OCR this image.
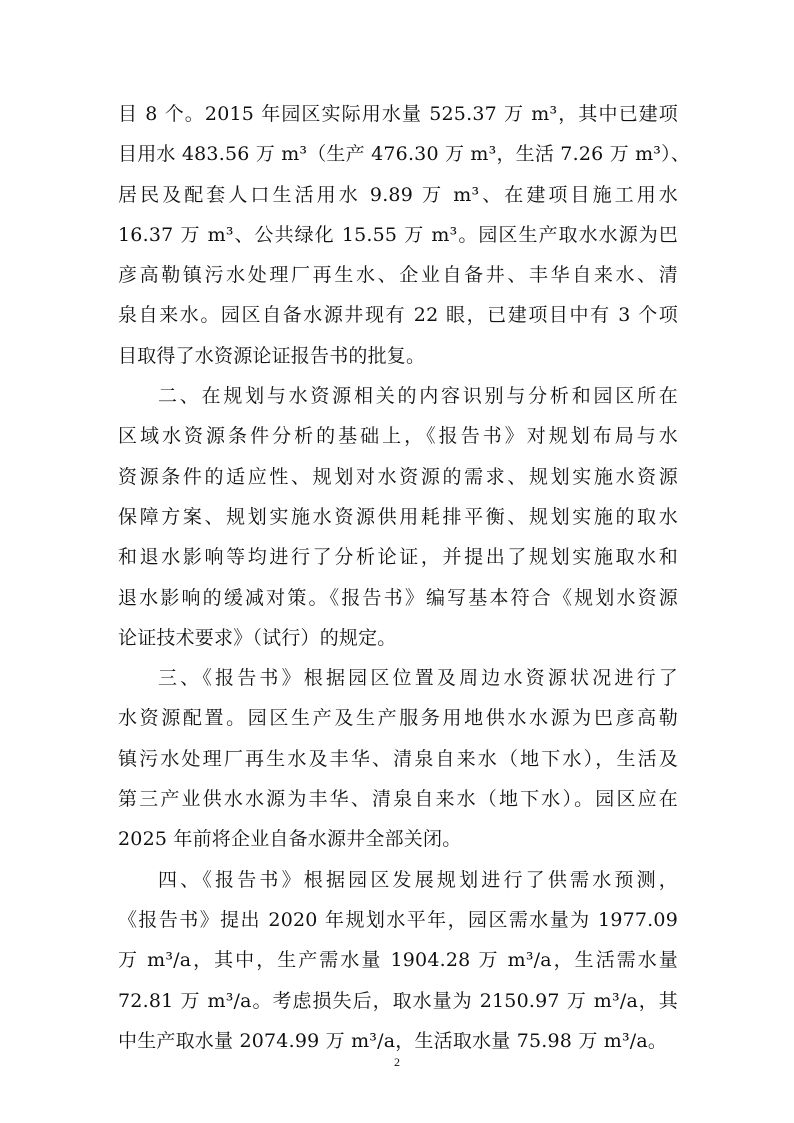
目 8 个。2015 年园区实际用水量 525.37 万 m³，其中已建项
目用水 483.56 万 m³（生产 476.30 万 m³，生活 7.26 万 m³）、
居民及配套人口生活用水 9.89 万 m³、在建项目施工用水
16.37 万 m³、公共绿化 15.55 万 m³。园区生产取水水源为巴
彦高勒镇污水处理厂再生水、企业自备井、丰华自来水、清
泉自来水。园区自备水源井现有 22 眼，已建项目中有 3 个项
目取得了水资源论证报告书的批复。
二、在规划与水资源相关的内容识别与分析和园区所在
区域水资源条件分析的基础上，《报告书》对规划布局与水
资源条件的适应性、规划对水资源的需求、规划实施水资源
保障方案、规划实施水资源供用耗排平衡、规划实施的取水
和退水影响等均进行了分析论证，并提出了规划实施取水和
退水影响的缓减对策。《报告书》编写基本符合《规划水资源
论证技术要求》（试行）的规定。
三、《报告书》根据园区位置及周边水资源状况进行了
水资源配置。园区生产及生产服务用地供水水源为巴彦高勒
镇污水处理厂再生水及丰华、清泉自来水（地下水），生活及
第三产业供水水源为丰华、清泉自来水（地下水）。园区应在
2025 年前将企业自备水源井全部关闭。
四、《报告书》根据园区发展规划进行了供需水预测，
《报告书》提出 2020 年规划水平年，园区需水量为 1977.09
万 m³/a，其中，生产需水量 1904.28 万 m³/a，生活需水量
72.81 万 m³/a。考虑损失后，取水量为 2150.97 万 m³/a，其
中生产取水量 2074.99 万 m³/a，生活取水量 75.98 万 m³/a。
2
